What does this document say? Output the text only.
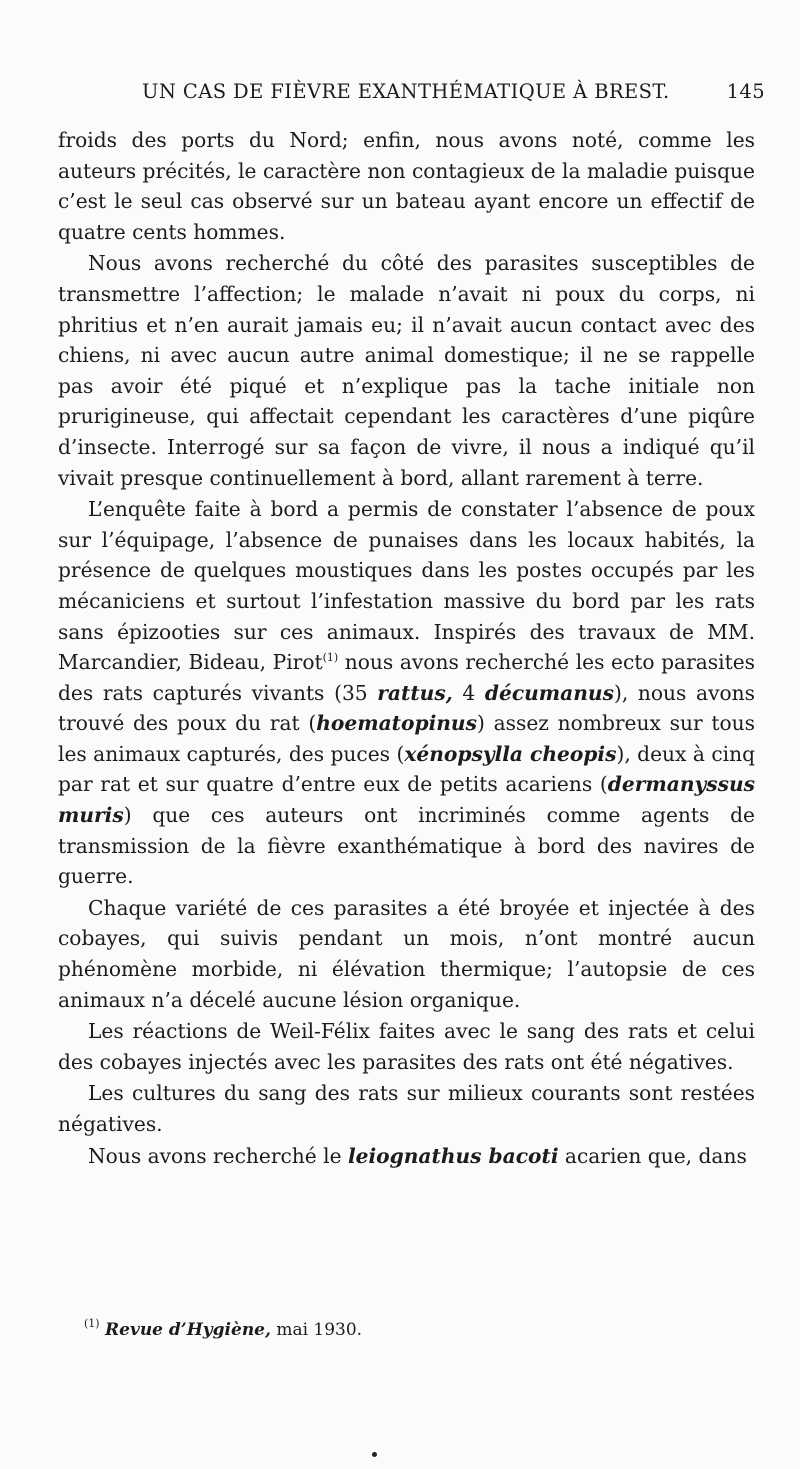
UN CAS DE FIÈVRE EXANTHÉMATIQUE À BREST.	145

froids des ports du Nord; enfin, nous avons noté, comme les auteurs précités, le caractère non contagieux de la maladie puisque c’est le seul cas observé sur un bateau ayant encore un effectif de quatre cents hommes.

Nous avons recherché du côté des parasites susceptibles de transmettre l’affection; le malade n’avait ni poux du corps, ni phritius et n’en aurait jamais eu; il n’avait aucun contact avec des chiens, ni avec aucun autre animal domestique; il ne se rappelle pas avoir été piqué et n’explique pas la tache initiale non prurigineuse, qui affectait cependant les caractères d’une piqûre d’insecte. Interrogé sur sa façon de vivre, il nous a indiqué qu’il vivait presque continuellement à bord, allant rarement à terre.

L’enquête faite à bord a permis de constater l’absence de poux sur l’équipage, l’absence de punaises dans les locaux habités, la présence de quelques moustiques dans les postes occupés par les mécaniciens et surtout l’infestation massive du bord par les rats sans épizooties sur ces animaux. Inspirés des travaux de MM. Marcandier, Bideau, Pirot$^{(1)}$ nous avons recherché les ecto parasites des rats capturés vivants (35 rattus, 4 décumanus), nous avons trouvé des poux du rat (hoematopinus) assez nombreux sur tous les animaux capturés, des puces (xénopsylla cheopis), deux à cinq par rat et sur quatre d’entre eux de petits acariens (dermanyssus muris) que ces auteurs ont incriminés comme agents de transmission de la fièvre exanthématique à bord des navires de guerre.

Chaque variété de ces parasites a été broyée et injectée à des cobayes, qui suivis pendant un mois, n’ont montré aucun phénomène morbide, ni élévation thermique; l’autopsie de ces animaux n’a décelé aucune lésion organique.

Les réactions de Weil-Félix faites avec le sang des rats et celui des cobayes injectés avec les parasites des rats ont été négatives.

Les cultures du sang des rats sur milieux courants sont restées négatives.

Nous avons recherché le leiognathus bacoti acarien que, dans

$^{(1)}$ Revue d’Hygiène, mai 1930.
